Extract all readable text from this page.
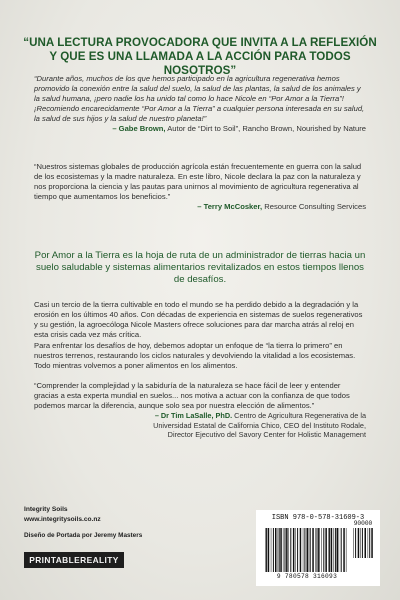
“UNA LECTURA PROVOCADORA QUE INVITA A LA REFLEXIÓN Y QUE ES UNA LLAMADA A LA ACCIÓN PARA TODOS NOSOTROS”
“Durante años, muchos de los que hemos participado en la agricultura regenerativa hemos promovido la conexión entre la salud del suelo, la salud de las plantas, la salud de los animales y la salud humana, ¡pero nadie los ha unido tal como lo hace Nicole en “Por Amor a la Tierra”! ¡Recomiendo encarecidamente “Por Amor a la Tierra” a cualquier persona interesada en su salud, la salud de sus hijos y la salud de nuestro planeta!”
– Gabe Brown, Autor de “Dirt to Soil”, Rancho Brown, Nourished by Nature
“Nuestros sistemas globales de producción agrícola están frecuentemente en guerra con la salud de los ecosistemas y la madre naturaleza. En este libro, Nicole declara la paz con la naturaleza y nos proporciona la ciencia y las pautas para unirnos al movimiento de agricultura regenerativa al tiempo que aumentamos los beneficios.”
– Terry McCosker, Resource Consulting Services
Por Amor a la Tierra es la hoja de ruta de un administrador de tierras hacia un suelo saludable y sistemas alimentarios revitalizados en estos tiempos llenos de desafíos.
Casi un tercio de la tierra cultivable en todo el mundo se ha perdido debido a la degradación y la erosión en los últimos 40 años. Con décadas de experiencia en sistemas de suelos regenerativos y su gestión, la agroecóloga Nicole Masters ofrece soluciones para dar marcha atrás al reloj en esta crisis cada vez más crítica.
Para enfrentar los desafíos de hoy, debemos adoptar un enfoque de “la tierra lo primero” en nuestros terrenos, restaurando los ciclos naturales y devolviendo la vitalidad a los ecosistemas. Todo mientras volvemos a poner alimentos en los alimentos.
“Comprender la complejidad y la sabiduría de la naturaleza se hace fácil de leer y entender gracias a esta experta mundial en suelos... nos motiva a actuar con la confianza de que todos podemos marcar la diferencia, aunque solo sea por nuestra elección de alimentos.”
– Dr Tim LaSalle, PhD. Centro de Agricultura Regenerativa de la
Universidad Estatal de California Chico, CEO del Instituto Rodale,
Director Ejecutivo del Savory Center for Holistic Management
Integrity Soils
www.integritysoils.co.nz
Diseño de Portada por Jeremy Masters
PRINTABLEREALITY
ISBN 978-0-578-31609-3
90000
9 780578 316093
